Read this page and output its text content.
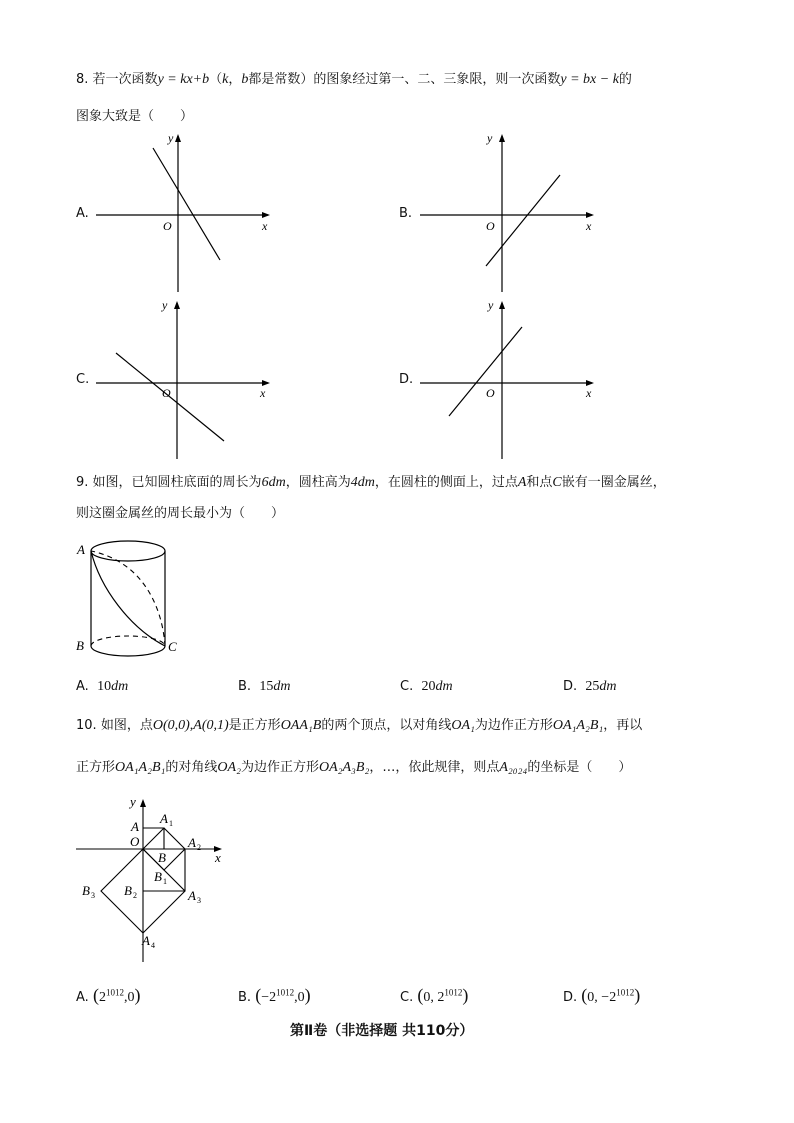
8. 若一次函数y = kx+b（k，b都是常数）的图象经过第一、二、三象限，则一次函数y = bx − k的
图象大致是（　　）
y
x
O
A.
y
x
O
B.
y
x
O
C.
y
x
O
D.
9. 如图，已知圆柱底面的周长为6dm，圆柱高为4dm，在圆柱的侧面上，过点A和点C嵌有一圈金属丝，
则这圈金属丝的周长最小为（　　）
A
B	C
A. 10dm	B. 15dm	C. 20dm	D. 25dm
10. 如图，点O(0,0),A(0,1)是正方形OAA₁B的两个顶点，以对角线OA₁为边作正方形OA₁A₂B₁，再以
正方形OA₁A₂B₁的对角线OA₂为边作正方形OA₂A₃B₂，…，依此规律，则点A₂₀₂₄的坐标是（　　）
y
x
A
A 1
A 2
A 3
A 4
O
B
B 1
B 2
B 3
A. $(2^{1012},0)$	B. $(-2^{1012},0)$	C. (0, $2^{1012}$)	D. (0, $-2^{1012}$)
第Ⅱ卷（非选择题 共110分）
